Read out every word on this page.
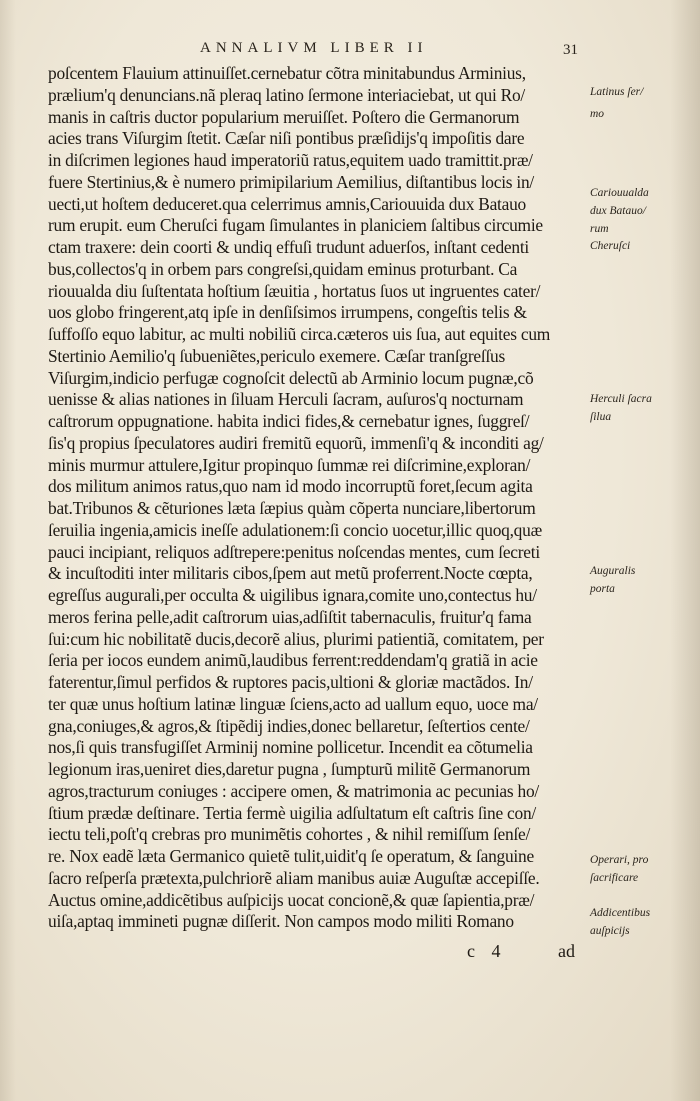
ANNALIVM LIBER II	31
poſcentem Flauium attinuiſſet.cernebatur cõtra minitabundus Arminius,
prælium'q denuncians.nã pleraq latino ſermone interiaciebat, ut qui Ro/
manis in caſtris ductor popularium meruiſſet. Poſtero die Germanorum
acies trans Viſurgim ſtetit. Cæſar niſi pontibus præſidijs'q impoſitis dare
in diſcrimen legiones haud imperatoriũ ratus,equitem uado tramittit.præ/
fuere Stertinius,& è numero primipilarium Aemilius, diſtantibus locis in/
uecti,ut hoſtem deduceret.qua celerrimus amnis,Cariouuida dux Batauo
rum erupit. eum Cheruſci fugam ſimulantes in planiciem ſaltibus circumie
ctam traxere: dein coorti & undiq effuſi trudunt aduerſos, inſtant cedenti
bus,collectos'q in orbem pars congreſsi,quidam eminus proturbant. Ca
riouualda diu ſuſtentata hoſtium ſæuitia , hortatus ſuos ut ingruentes cater/
uos globo fringerent,atq ipſe in denſiſsimos irrumpens, congeſtis telis &
ſuffoſſo equo labitur, ac multi nobiliũ circa.cæteros uis ſua, aut equites cum
Stertinio Aemilio'q ſubueniẽtes,periculo exemere. Cæſar tranſgreſſus
Viſurgim,indicio perfugæ cognoſcit delectũ ab Arminio locum pugnæ,cõ
uenisse & alias nationes in ſiluam Herculi ſacram, auſuros'q nocturnam
caſtrorum oppugnatione. habita indici fides,& cernebatur ignes, ſuggreſ/
ſis'q propius ſpeculatores audiri fremitũ equorũ, immenſi'q & inconditi ag/
minis murmur attulere,Igitur propinquo ſummæ rei diſcrimine,exploran/
dos militum animos ratus,quo nam id modo incorruptũ foret,ſecum agita
bat.Tribunos & cẽturiones læta ſæpius quàm cõperta nunciare,libertorum
ſeruilia ingenia,amicis ineſſe adulationem:ſi concio uocetur,illic quoq,quæ
pauci incipiant, reliquos adſtrepere:penitus noſcendas mentes, cum ſecreti
& incuſtoditi inter militaris cibos,ſpem aut metũ proferrent.Nocte cœpta,
egreſſus augurali,per occulta & uigilibus ignara,comite uno,contectus hu/
meros ferina pelle,adit caſtrorum uias,adſiſtit tabernaculis, fruitur'q fama
ſui:cum hic nobilitatẽ ducis,decorẽ alius, plurimi patientiã, comitatem, per
ſeria per iocos eundem animũ,laudibus ferrent:reddendam'q gratiã in acie
faterentur,ſimul perfidos & ruptores pacis,ultioni & gloriæ mactãdos. In/
ter quæ unus hoſtium latinæ linguæ ſciens,acto ad uallum equo, uoce ma/
gna,coniuges,& agros,& ſtipẽdij indies,donec bellaretur, ſeſtertios cente/
nos,ſi quis transfugiſſet Arminij nomine pollicetur. Incendit ea cõtumelia
legionum iras,ueniret dies,daretur pugna , ſumpturũ militẽ Germanorum
agros,tracturum coniuges : accipere omen, & matrimonia ac pecunias ho/
ſtium prædæ deſtinare. Tertia fermè uigilia adſultatum eſt caſtris ſine con/
iectu teli,poſt'q crebras pro munimẽtis cohortes , & nihil remiſſum ſenſe/
re. Nox eadẽ læta Germanico quietẽ tulit,uidit'q ſe operatum, & ſanguine
ſacro reſperſa prætexta,pulchriorẽ aliam manibus auiæ Auguſtæ accepiſſe.
Auctus omine,addicẽtibus auſpicijs uocat concionẽ,& quæ ſapientia,præ/
uiſa,aptaq immineti pugnæ diſſerit. Non campos modo militi Romano
Latinus ſer/
mo
Cariouualda
dux Batauo/
rum
Cheruſci
Herculi ſacra
ſilua
Auguralis
porta
Operari, pro
ſacrificare
Addicentibus
auſpicijs
c 4	ad
